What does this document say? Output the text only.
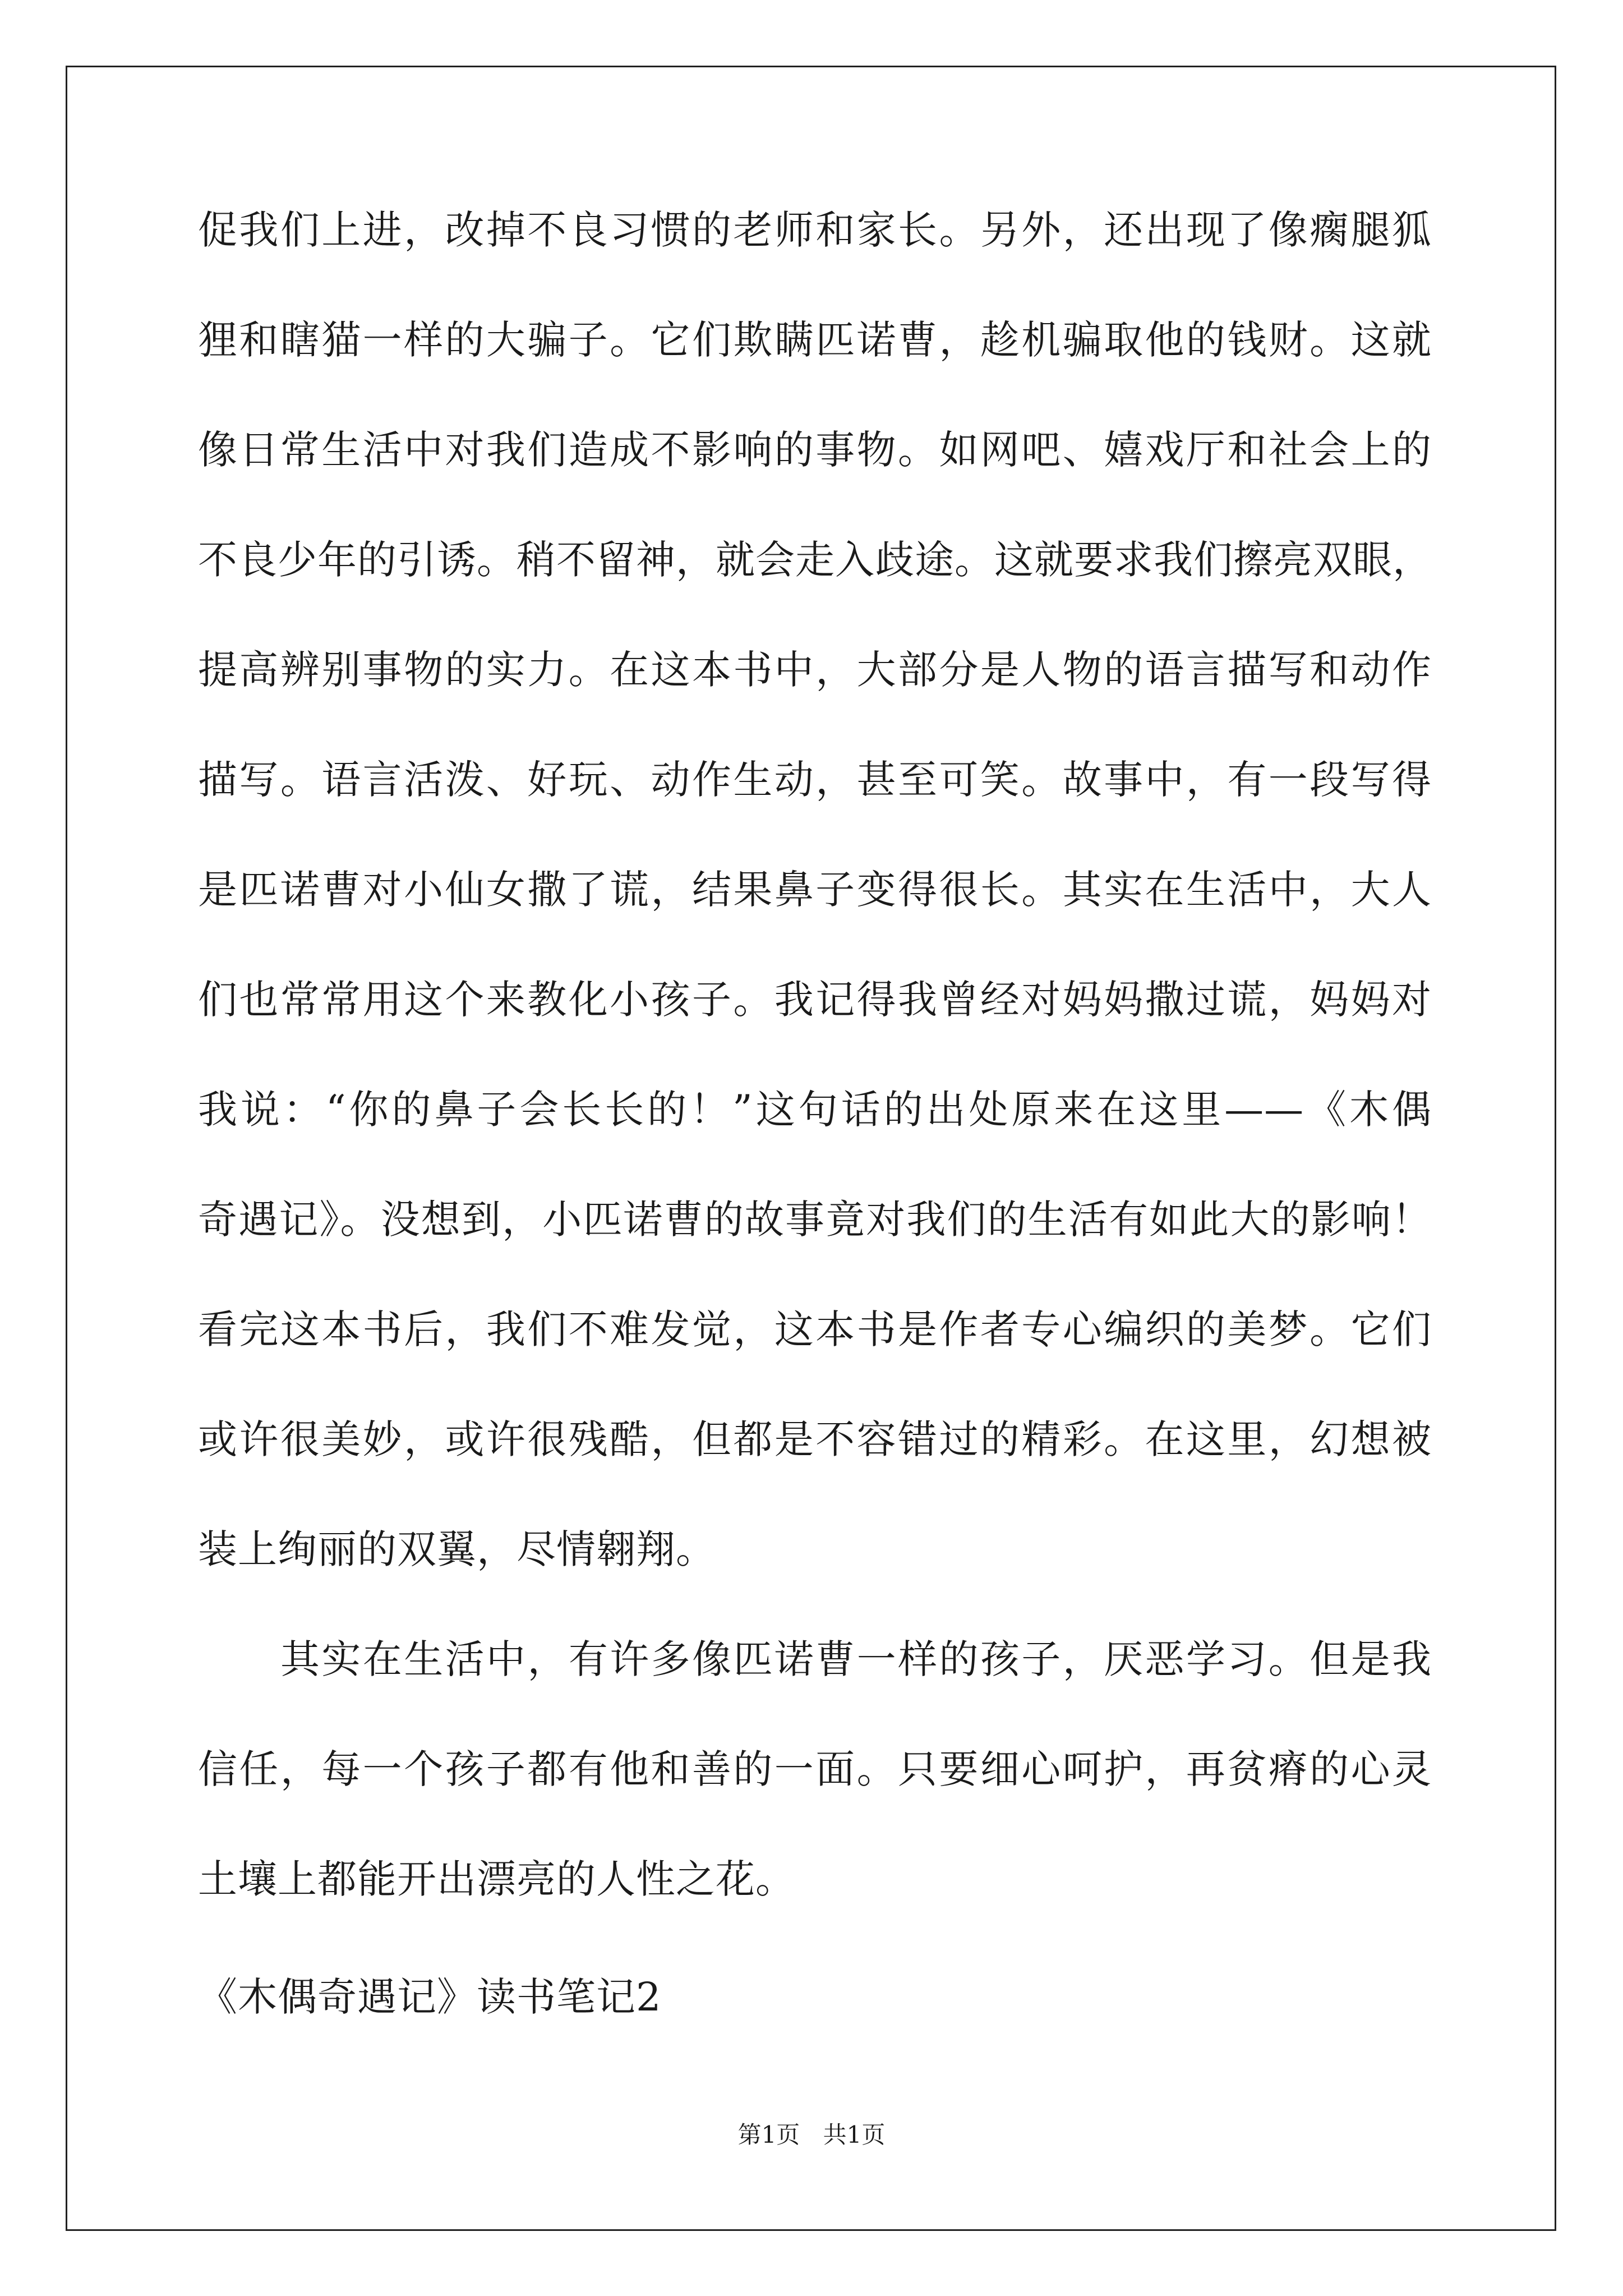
促我们上进，改掉不良习惯的老师和家长。另外，还出现了像瘸腿狐
狸和瞎猫一样的大骗子。它们欺瞒匹诺曹，趁机骗取他的钱财。这就
像日常生活中对我们造成不影响的事物。如网吧、嬉戏厅和社会上的
不良少年的引诱。稍不留神，就会走入歧途。这就要求我们擦亮双眼，
提高辨别事物的实力。在这本书中，大部分是人物的语言描写和动作
描写。语言活泼、好玩、动作生动，甚至可笑。故事中，有一段写得
是匹诺曹对小仙女撒了谎，结果鼻子变得很长。其实在生活中，大人
们也常常用这个来教化小孩子。我记得我曾经对妈妈撒过谎，妈妈对
我说：“你的鼻子会长长的！”这句话的出处原来在这里——《木偶
奇遇记》。没想到，小匹诺曹的故事竟对我们的生活有如此大的影响！
看完这本书后，我们不难发觉，这本书是作者专心编织的美梦。它们
或许很美妙，或许很残酷，但都是不容错过的精彩。在这里，幻想被
装上绚丽的双翼，尽情翱翔。
其实在生活中，有许多像匹诺曹一样的孩子，厌恶学习。但是我
信任，每一个孩子都有他和善的一面。只要细心呵护，再贫瘠的心灵
土壤上都能开出漂亮的人性之花。
《木偶奇遇记》读书笔记2
第1页 共1页
